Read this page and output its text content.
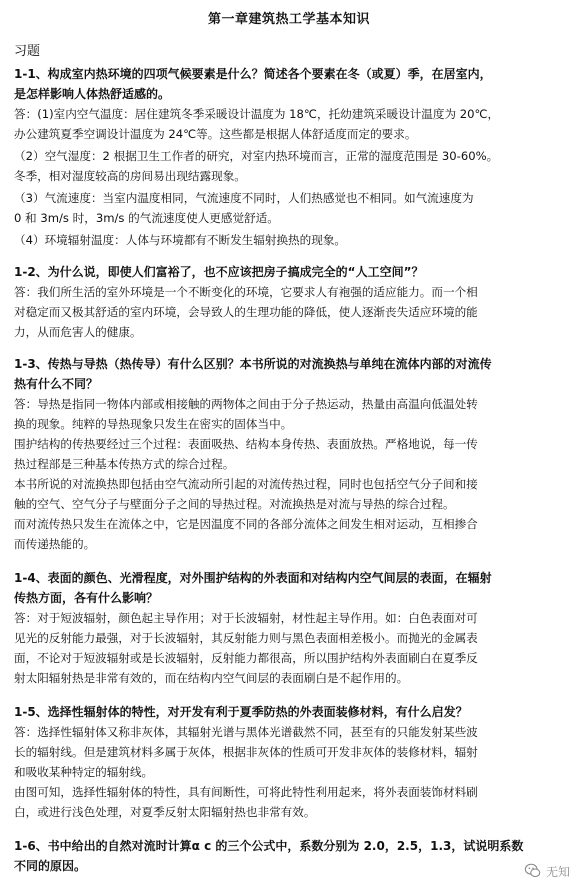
第一章建筑热工学基本知识
习题
1-1、构成室内热环境的四项气候要素是什么？简述各个要素在冬（或夏）季，在居室内，
是怎样影响人体热舒适感的。
答：(1)室内空气温度：居住建筑冬季采暖设计温度为 18℃，托幼建筑采暖设计温度为 20℃，
办公建筑夏季空调设计温度为 24℃等。这些都是根据人体舒适度而定的要求。
（2）空气湿度：2 根据卫生工作者的研究，对室内热环境而言，正常的湿度范围是 30-60%。
冬季，相对湿度较高的房间易出现结露现象。
（3）气流速度：当室内温度相同，气流速度不同时，人们热感觉也不相同。如气流速度为
0 和 3m/s 时，3m/s 的气流速度使人更感觉舒适。
（4）环境辐射温度：人体与环境都有不断发生辐射换热的现象。
1-2、为什么说，即使人们富裕了，也不应该把房子搞成完全的“人工空间”？
答：我们所生活的室外环境是一个不断变化的环境，它要求人有袍强的适应能力。而一个相
对稳定而又极其舒适的室内环境，会导致人的生理功能的降低，使人逐渐丧失适应环境的能
力，从而危害人的健康。
1-3、传热与导热（热传导）有什么区别？本书所说的对流换热与单纯在流体内部的对流传
热有什么不同？
答：导热是指同一物体内部或相接触的两物体之间由于分子热运动，热量由高温向低温处转
换的现象。纯粹的导热现象只发生在密实的固体当中。
围护结构的传热要经过三个过程：表面吸热、结构本身传热、表面放热。严格地说，每一传
热过程部是三种基本传热方式的综合过程。
本书所说的对流换热即包括由空气流动所引起的对流传热过程，同时也包括空气分子间和接
触的空气、空气分子与壁面分子之间的导热过程。对流换热是对流与导热的综合过程。
而对流传热只发生在流体之中，它是因温度不同的各部分流体之间发生相对运动，互相掺合
而传递热能的。
1-4、表面的颜色、光滑程度，对外围护结构的外表面和对结构内空气间层的表面，在辐射
传热方面，各有什么影响？
答：对于短波辐射，颜色起主导作用；对于长波辐射，材性起主导作用。如：白色表面对可
见光的反射能力最强，对于长波辐射，其反射能力则与黑色表面相差极小。而抛光的金属表
面，不论对于短波辐射或是长波辐射，反射能力都很高，所以围护结构外表面刷白在夏季反
射太阳辐射热是非常有效的，而在结构内空气间层的表面刷白是不起作用的。
1-5、选择性辐射体的特性，对开发有利于夏季防热的外表面装修材料，有什么启发？
答：选择性辐射体又称非灰体，其辐射光谱与黑体光谱截然不同，甚至有的只能发射某些波
长的辐射线。但是建筑材料多属于灰体，根据非灰体的性质可开发非灰体的装修材料，辐射
和吸收某种特定的辐射线。
由图可知，选择性辐射体的特性，具有间断性，可将此特性利用起来，将外表面装饰材料刷
白，或进行浅色处理，对夏季反射太阳辐射热也非常有效。
1-6、书中给出的自然对流时计算α c 的三个公式中，系数分别为 2.0，2.5，1.3，试说明系数
不同的原因。	无知
